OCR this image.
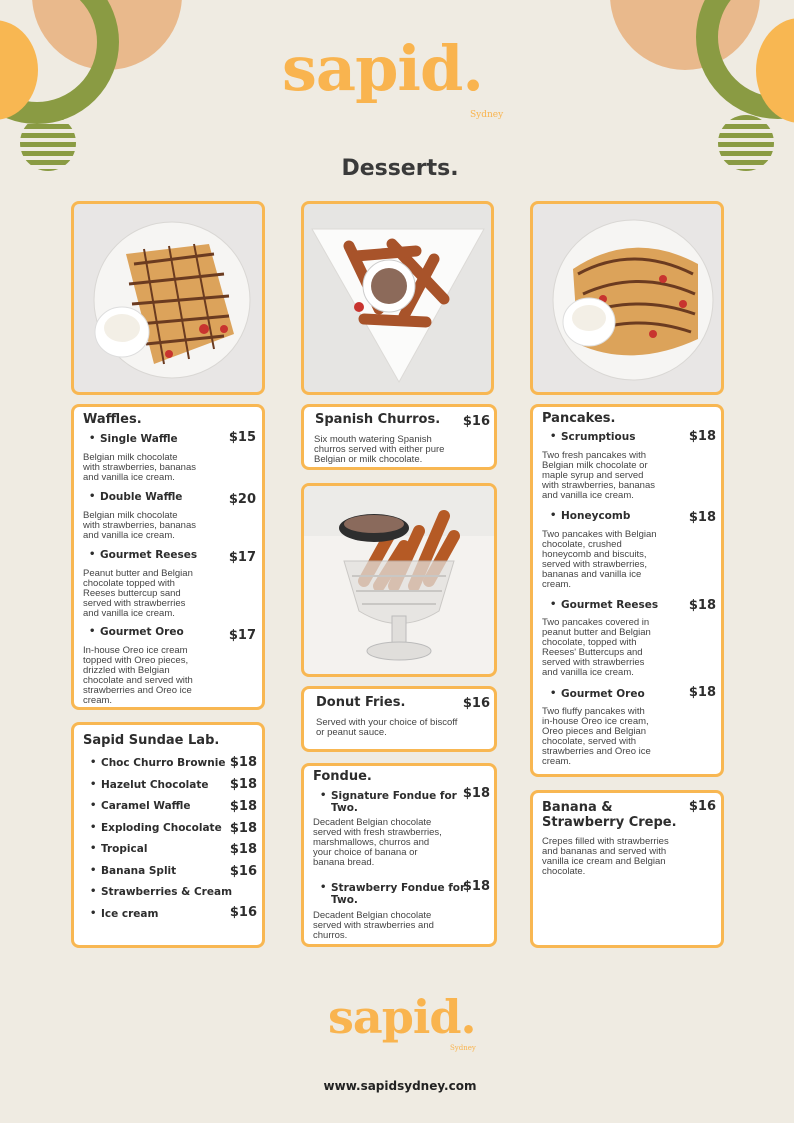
sapid.
Sydney
Desserts.
Waffles.
• Single Waffle	$15
Belgian milk chocolate
with strawberries, bananas
and vanilla ice cream.
• Double Waffle	$20
Belgian milk chocolate
with strawberries, bananas
and vanilla ice cream.
• Gourmet Reeses	$17
Peanut butter and Belgian
chocolate topped with
Reeses buttercup sand
served with strawberries
and vanilla ice cream.
• Gourmet Oreo	$17
In-house Oreo ice cream
topped with Oreo pieces,
drizzled with Belgian
chocolate and served with
strawberries and Oreo ice
cream.
Sapid Sundae Lab.
• Choc Churro Brownie $18
• Hazelut Chocolate	$18
• Caramel Waffle	$18
• Exploding Chocolate $18
• Tropical	$18
• Banana Split	$16
• Strawberries & Cream
• Ice cream	$16
Spanish Churros.	$16
Six mouth watering Spanish
churros served with either pure
Belgian or milk chocolate.
Donut Fries.	$16
Served with your choice of biscoff
or peanut sauce.
Fondue.
• Signature Fondue for
Two.
$18
Decadent Belgian chocolate
served with fresh strawberries,
marshmallows, churros and
your choice of banana or
banana bread.
• Strawberry Fondue for
Two.
$18
Decadent Belgian chocolate
served with strawberries and
churros.
Pancakes.
• Scrumptious	$18
Two fresh pancakes with
Belgian milk chocolate or
maple syrup and served
with strawberries, bananas
and vanilla ice cream.
• Honeycomb	$18
Two pancakes with Belgian
chocolate, crushed
honeycomb and biscuits,
served with strawberries,
bananas and vanilla ice
cream.
• Gourmet Reeses	$18
Two pancakes covered in
peanut butter and Belgian
chocolate, topped with
Reeses' Buttercups and
served with strawberries
and vanilla ice cream.
• Gourmet Oreo	$18
Two fluffy pancakes with
in-house Oreo ice cream,
Oreo pieces and Belgian
chocolate, served with
strawberries and Oreo ice
cream.
Banana &
Strawberry Crepe.
$16
Crepes filled with strawberries
and bananas and served with
vanilla ice cream and Belgian
chocolate.
sapid.
Sydney
www.sapidsydney.com
